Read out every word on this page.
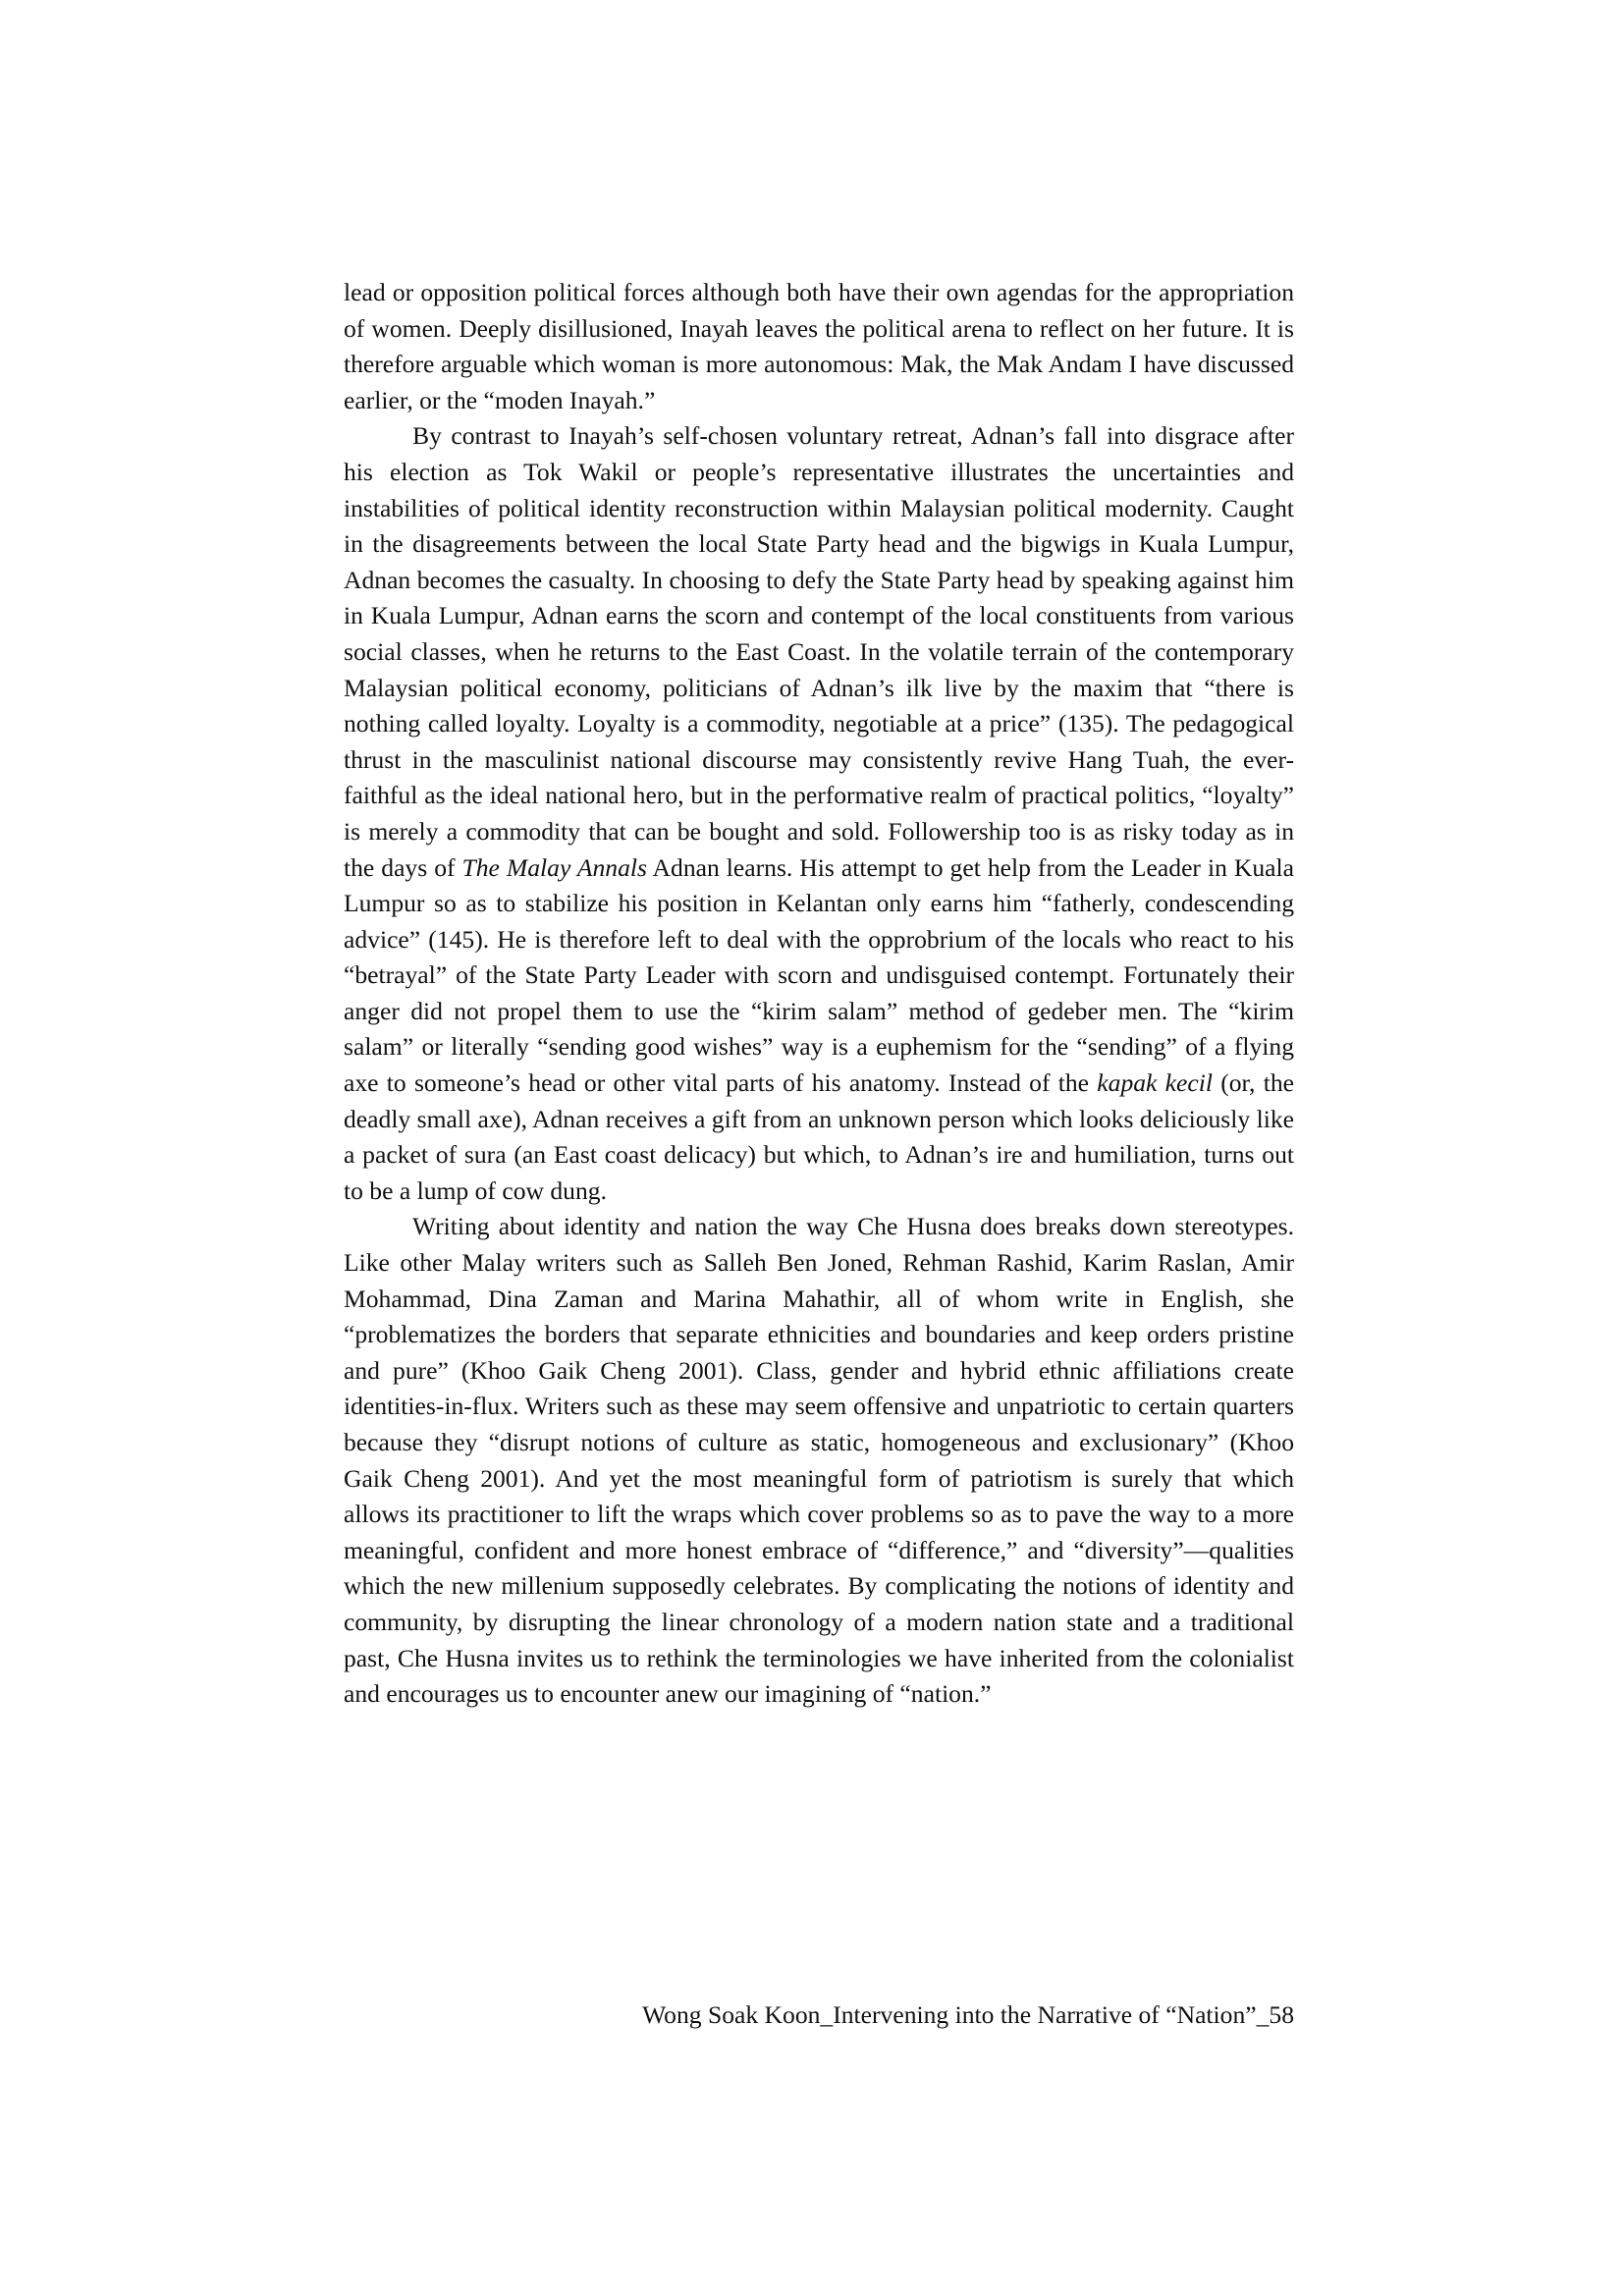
lead or opposition political forces although both have their own agendas for the appropriation of women. Deeply disillusioned, Inayah leaves the political arena to reflect on her future. It is therefore arguable which woman is more autonomous: Mak, the Mak Andam I have discussed earlier, or the “moden Inayah.”

By contrast to Inayah’s self-chosen voluntary retreat, Adnan’s fall into disgrace after his election as Tok Wakil or people’s representative illustrates the uncertainties and instabilities of political identity reconstruction within Malaysian political modernity. Caught in the disagreements between the local State Party head and the bigwigs in Kuala Lumpur, Adnan becomes the casualty. In choosing to defy the State Party head by speaking against him in Kuala Lumpur, Adnan earns the scorn and contempt of the local constituents from various social classes, when he returns to the East Coast. In the volatile terrain of the contemporary Malaysian political economy, politicians of Adnan’s ilk live by the maxim that “there is nothing called loyalty. Loyalty is a commodity, negotiable at a price” (135). The pedagogical thrust in the masculinist national discourse may consistently revive Hang Tuah, the ever-faithful as the ideal national hero, but in the performative realm of practical politics, “loyalty” is merely a commodity that can be bought and sold. Followership too is as risky today as in the days of The Malay Annals Adnan learns. His attempt to get help from the Leader in Kuala Lumpur so as to stabilize his position in Kelantan only earns him “fatherly, condescending advice” (145). He is therefore left to deal with the opprobrium of the locals who react to his “betrayal” of the State Party Leader with scorn and undisguised contempt. Fortunately their anger did not propel them to use the “kirim salam” method of gedeber men. The “kirim salam” or literally “sending good wishes” way is a euphemism for the “sending” of a flying axe to someone’s head or other vital parts of his anatomy. Instead of the kapak kecil (or, the deadly small axe), Adnan receives a gift from an unknown person which looks deliciously like a packet of sura (an East coast delicacy) but which, to Adnan’s ire and humiliation, turns out to be a lump of cow dung.

Writing about identity and nation the way Che Husna does breaks down stereotypes. Like other Malay writers such as Salleh Ben Joned, Rehman Rashid, Karim Raslan, Amir Mohammad, Dina Zaman and Marina Mahathir, all of whom write in English, she “problematizes the borders that separate ethnicities and boundaries and keep orders pristine and pure” (Khoo Gaik Cheng 2001). Class, gender and hybrid ethnic affiliations create identities-in-flux. Writers such as these may seem offensive and unpatriotic to certain quarters because they “disrupt notions of culture as static, homogeneous and exclusionary” (Khoo Gaik Cheng 2001). And yet the most meaningful form of patriotism is surely that which allows its practitioner to lift the wraps which cover problems so as to pave the way to a more meaningful, confident and more honest embrace of “difference,” and “diversity”—qualities which the new millenium supposedly celebrates. By complicating the notions of identity and community, by disrupting the linear chronology of a modern nation state and a traditional past, Che Husna invites us to rethink the terminologies we have inherited from the colonialist and encourages us to encounter anew our imagining of “nation.”

Wong Soak Koon_Intervening into the Narrative of “Nation”_58
